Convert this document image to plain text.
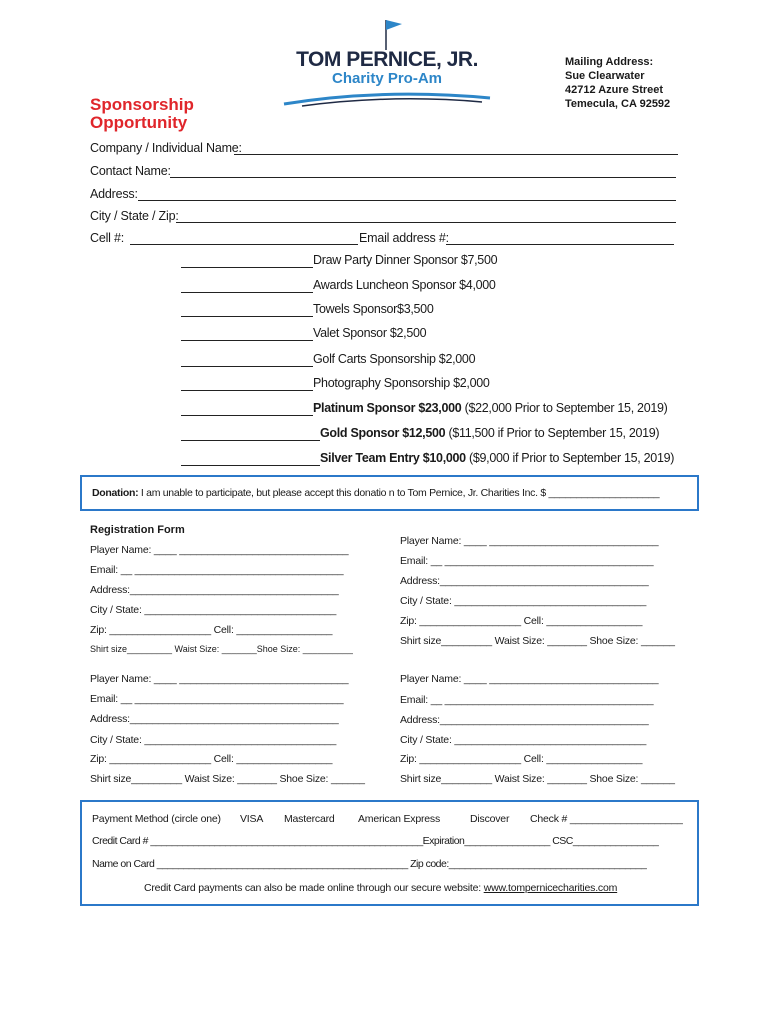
TOM PERNICE, JR.
Charity Pro-Am
Mailing Address:
Sue Clearwater
42712 Azure Street
Temecula, CA 92592
Sponsorship
Opportunity
Company / Individual Name:
Contact Name:
Address:
City / State / Zip:
Cell #:	Email address #:
Draw Party Dinner Sponsor $7,500
Awards Luncheon Sponsor $4,000
Towels Sponsor$3,500
Valet Sponsor $2,500
Golf Carts Sponsorship $2,000
Photography Sponsorship $2,000
Platinum Sponsor $23,000 ($22,000 Prior to September 15, 2019)
Gold Sponsor $12,500 ($11,500 if Prior to September 15, 2019)
Silver Team Entry $10,000 ($9,000 if Prior to September 15, 2019)
Donation: I am unable to participate, but please accept this donatio n to Tom Pernice, Jr. Charities Inc. $ ____________________
Registration Form
Player Name: ____ ______________________________
Email: __ _____________________________________
Address:_____________________________________
City / State: __________________________________
Zip: __________________ Cell: _________________
Shirt size_________ Waist Size: _______Shoe Size: __________
Player Name: ____ ______________________________
Email: __ _____________________________________
Address:_____________________________________
City / State: __________________________________
Zip: __________________ Cell: _________________
Shirt size_________ Waist Size: _______ Shoe Size: ______
Player Name: ____ ______________________________
Email: __ _____________________________________
Address:_____________________________________
City / State: __________________________________
Zip: __________________ Cell: _________________
Shirt size_________ Waist Size: _______ Shoe Size: ______
Player Name: ____ ______________________________
Email: __ _____________________________________
Address:_____________________________________
City / State: __________________________________
Zip: __________________ Cell: _________________
Shirt size_________ Waist Size: _______ Shoe Size: ______
Payment Method (circle one) VISA Mastercard American Express	Discover Check # ____________________
Credit Card # ___________________________________________________Expiration________________ CSC________________
Name on Card _______________________________________________ Zip code:_____________________________________
Credit Card payments can also be made online through our secure website: www.tompernicecharities.com
